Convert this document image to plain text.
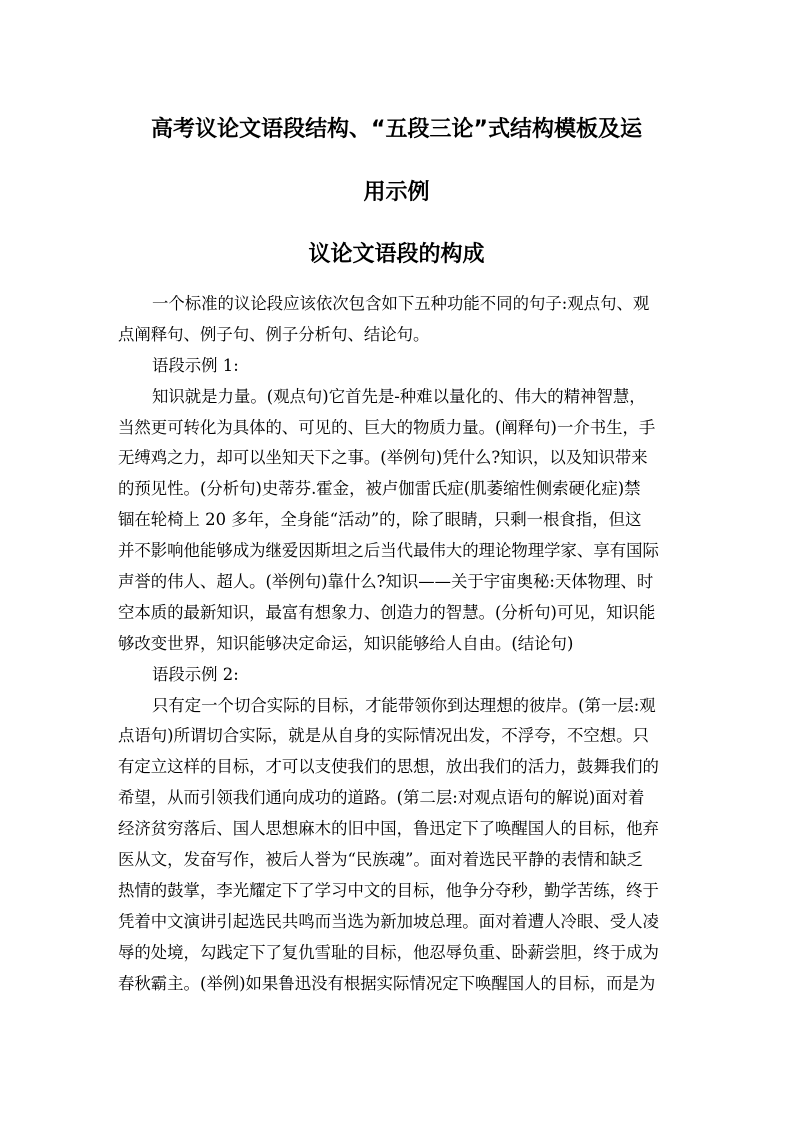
高考议论文语段结构、“五段三论”式结构模板及运
用示例
议论文语段的构成
一个标准的议论段应该依次包含如下五种功能不同的句子:观点句、观
点阐释句、例子句、例子分析句、结论句。
语段示例 1:
知识就是力量。(观点句)它首先是-种难以量化的、伟大的精神智慧，
当然更可转化为具体的、可见的、巨大的物质力量。(阐释句)一介书生，手
无缚鸡之力，却可以坐知天下之事。(举例句)凭什么?知识，以及知识带来
的预见性。(分析句)史蒂芬.霍金，被卢伽雷氏症(肌萎缩性侧索硬化症)禁
锢在轮椅上 20 多年，全身能“活动”的，除了眼睛，只剩一根食指，但这
并不影响他能够成为继爱因斯坦之后当代最伟大的理论物理学家、享有国际
声誉的伟人、超人。(举例句)靠什么?知识——关于宇宙奥秘:天体物理、时
空本质的最新知识，最富有想象力、创造力的智慧。(分析句)可见，知识能
够改变世界，知识能够决定命运，知识能够给人自由。(结论句)
语段示例 2:
只有定一个切合实际的目标，才能带领你到达理想的彼岸。(第一层:观
点语句)所谓切合实际，就是从自身的实际情况出发，不浮夸，不空想。只
有定立这样的目标，才可以支使我们的思想，放出我们的活力，鼓舞我们的
希望，从而引领我们通向成功的道路。(第二层:对观点语句的解说)面对着
经济贫穷落后、国人思想麻木的旧中国，鲁迅定下了唤醒国人的目标，他弃
医从文，发奋写作，被后人誉为“民族魂”。面对着选民平静的表情和缺乏
热情的鼓掌，李光耀定下了学习中文的目标，他争分夺秒，勤学苦练，终于
凭着中文演讲引起选民共鸣而当选为新加坡总理。面对着遭人冷眼、受人凌
辱的处境，勾践定下了复仇雪耻的目标，他忍辱负重、卧薪尝胆，终于成为
春秋霸主。(举例)如果鲁迅没有根据实际情况定下唤醒国人的目标，而是为
